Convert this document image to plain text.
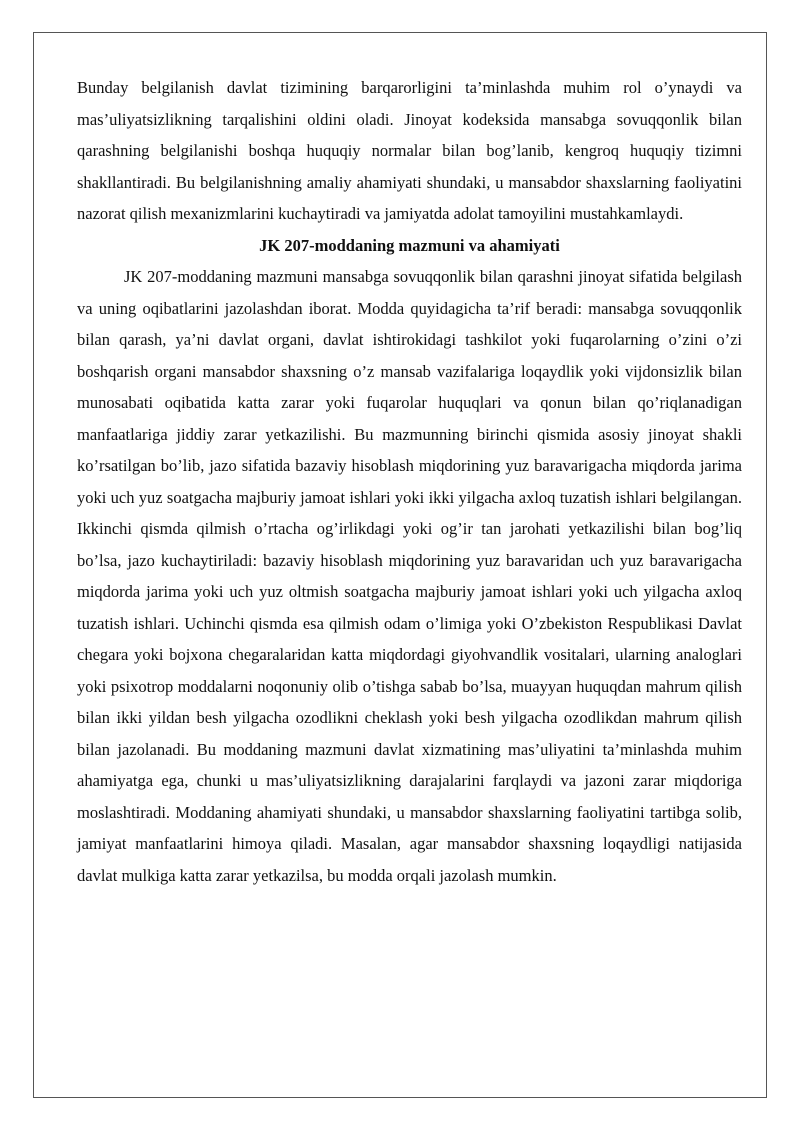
Bunday belgilanish davlat tizimining barqarorligini ta’minlashda muhim rol o’ynaydi va mas’uliyatsizlikning tarqalishini oldini oladi. Jinoyat kodeksida mansabga sovuqqonlik bilan qarashning belgilanishi boshqa huquqiy normalar bilan bog’lanib, kengroq huquqiy tizimni shakllantiradi. Bu belgilanishning amaliy ahamiyati shundaki, u mansabdor shaxslarning faoliyatini nazorat qilish mexanizmlarini kuchaytiradi va jamiyatda adolat tamoyilini mustahkamlaydi.

JK 207-moddaning mazmuni va ahamiyati

JK 207-moddaning mazmuni mansabga sovuqqonlik bilan qarashni jinoyat sifatida belgilash va uning oqibatlarini jazolashdan iborat. Modda quyidagicha ta’rif beradi: mansabga sovuqqonlik bilan qarash, ya’ni davlat organi, davlat ishtirokidagi tashkilot yoki fuqarolarning o’zini o’zi boshqarish organi mansabdor shaxsning o’z mansab vazifalariga loqaydlik yoki vijdonsizlik bilan munosabati oqibatida katta zarar yoki fuqarolar huquqlari va qonun bilan qo’riqlanadigan manfaatlariga jiddiy zarar yetkazilishi. Bu mazmunning birinchi qismida asosiy jinoyat shakli ko’rsatilgan bo’lib, jazo sifatida bazaviy hisoblash miqdorining yuz baravarigacha miqdorda jarima yoki uch yuz soatgacha majburiy jamoat ishlari yoki ikki yilgacha axloq tuzatish ishlari belgilangan. Ikkinchi qismda qilmish o’rtacha og’irlikdagi yoki og’ir tan jarohati yetkazilishi bilan bog’liq bo’lsa, jazo kuchaytiriladi: bazaviy hisoblash miqdorining yuz baravaridan uch yuz baravarigacha miqdorda jarima yoki uch yuz oltmish soatgacha majburiy jamoat ishlari yoki uch yilgacha axloq tuzatish ishlari. Uchinchi qismda esa qilmish odam o’limiga yoki O’zbekiston Respublikasi Davlat chegara yoki bojxona chegaralaridan katta miqdordagi giyohvandlik vositalari, ularning analoglari yoki psixotrop moddalarni noqonuniy olib o’tishga sabab bo’lsa, muayyan huquqdan mahrum qilish bilan ikki yildan besh yilgacha ozodlikni cheklash yoki besh yilgacha ozodlikdan mahrum qilish bilan jazolanadi. Bu moddaning mazmuni davlat xizmatining mas’uliyatini ta’minlashda muhim ahamiyatga ega, chunki u mas’uliyatsizlikning darajalarini farqlaydi va jazoni zarar miqdoriga moslashtiradi. Moddaning ahamiyati shundaki, u mansabdor shaxslarning faoliyatini tartibga solib, jamiyat manfaatlarini himoya qiladi. Masalan, agar mansabdor shaxsning loqaydligi natijasida davlat mulkiga katta zarar yetkazilsa, bu modda orqali jazolash mumkin.
